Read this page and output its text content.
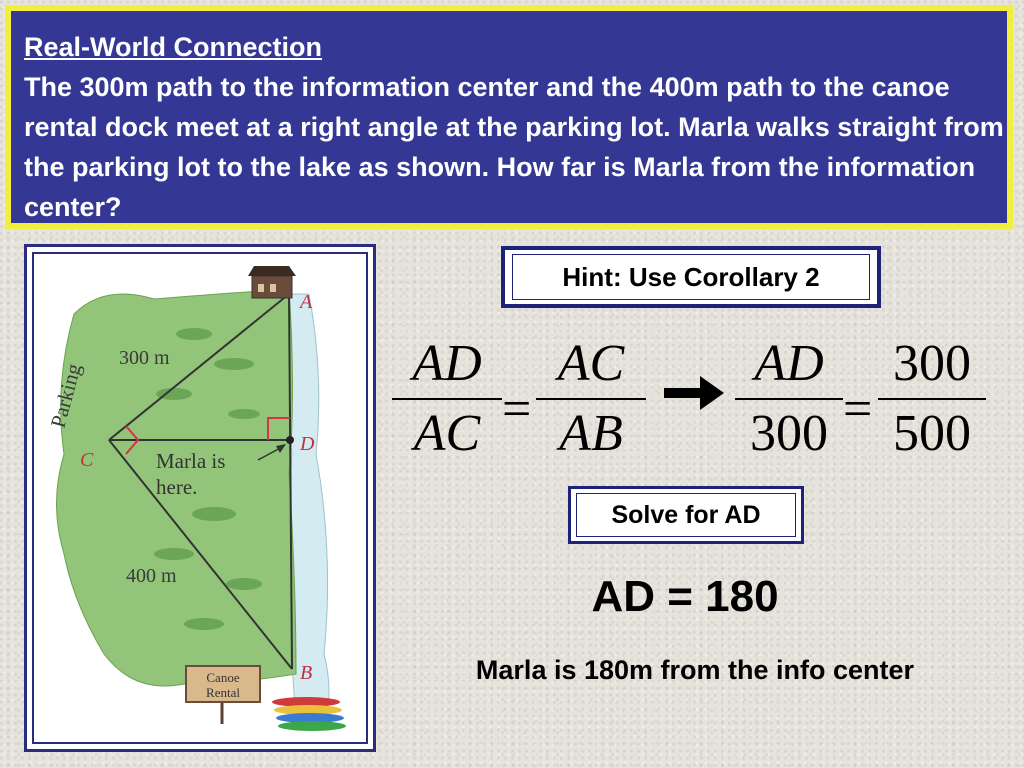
Real-World Connection
The 300m path to the information center and the 400m path to the canoe rental dock meet at a right angle at the parking lot. Marla walks straight from the parking lot to the lake as shown. How far is Marla from the information center?
Canoe
Rental
Parking
300 m
400 m
A
B
C
D
Marla is
here.
Hint: Use Corollary 2
AD
AC =
AC
AB
AD
300 =
300
500
Solve for AD
AD = 180
Marla is 180m from the info center
